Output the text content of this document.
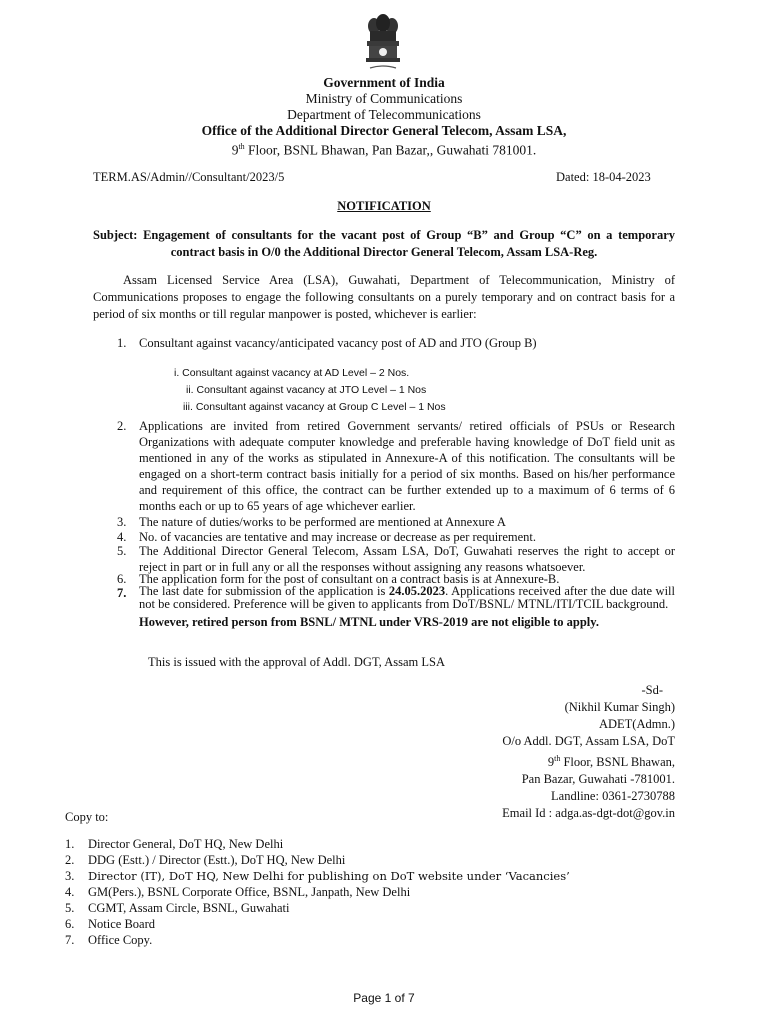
Government of India
Ministry of Communications
Department of Telecommunications
Office of the Additional Director General Telecom, Assam LSA,
9th Floor, BSNL Bhawan, Pan Bazar,, Guwahati 781001.
TERM.AS/Admin//Consultant/2023/5	Dated: 18-04-2023
NOTIFICATION
Subject: Engagement of consultants for the vacant post of Group “B” and Group “C” on a temporary
contract basis in O/0 the Additional Director General Telecom, Assam LSA-Reg.
Assam Licensed Service Area (LSA), Guwahati, Department of Telecommunication, Ministry of Communications proposes to engage the following consultants on a purely temporary and on contract basis for a period of six months or till regular manpower is posted, whichever is earlier:
1. Consultant against vacancy/anticipated vacancy post of AD and JTO (Group B)
i. Consultant against vacancy at AD Level – 2 Nos.
ii. Consultant against vacancy at JTO Level – 1 Nos
iii. Consultant against vacancy at Group C Level – 1 Nos
2. Applications are invited from retired Government servants/ retired officials of PSUs or Research Organizations with adequate computer knowledge and preferable having knowledge of DoT field unit as mentioned in any of the works as stipulated in Annexure-A of this notification. The consultants will be engaged on a short-term contract basis initially for a period of six months. Based on his/her performance and requirement of this office, the contract can be further extended up to a maximum of 6 terms of 6 months each or up to 65 years of age whichever earlier.
3. The nature of duties/works to be performed are mentioned at Annexure A
4. No. of vacancies are tentative and may increase or decrease as per requirement.
5. The Additional Director General Telecom, Assam LSA, DoT, Guwahati reserves the right to accept or reject in part or in full any or all the responses without assigning any reasons whatsoever.
6. The application form for the post of consultant on a contract basis is at Annexure-B.
7. The last date for submission of the application is 24.05.2023. Applications received after the due date will not be considered. Preference will be given to applicants from DoT/BSNL/ MTNL/ITI/TCIL background.
However, retired person from BSNL/ MTNL under VRS-2019 are not eligible to apply.
This is issued with the approval of Addl. DGT, Assam LSA
-Sd-
(Nikhil Kumar Singh)
ADET(Admn.)
O/o Addl. DGT, Assam LSA, DoT
9th Floor, BSNL Bhawan,
Pan Bazar, Guwahati -781001.
Landline: 0361-2730788
Email Id : adga.as-dgt-dot@gov.in
Copy to:
1. Director General, DoT HQ, New Delhi
2. DDG (Estt.) / Director (Estt.), DoT HQ, New Delhi
3. Director (IT), DoT HQ, New Delhi for publishing on DoT website under ‘Vacancies’
4. GM(Pers.), BSNL Corporate Office, BSNL, Janpath, New Delhi
5. CGMT, Assam Circle, BSNL, Guwahati
6. Notice Board
7. Office Copy.
Page 1 of 7
